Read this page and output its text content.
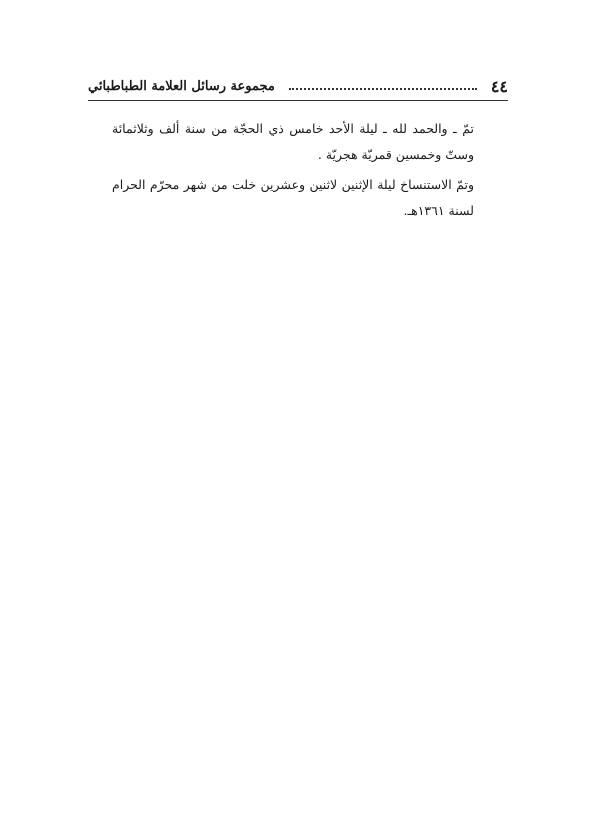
٤٤
مجموعة رسائل العلامة الطباطبائي

تمّ ـ والحمد لله ـ ليلة الأحد خامس ذي الحجّة من سنة ألف وثلاثمائة وستّ وخمسين قمريّة هجريّة .

وتمّ الاستنساخ ليلة الإثنين لاثنين وعشرين خلت من شهر محرّم الحرام لسنة ١٣٦١هـ.
